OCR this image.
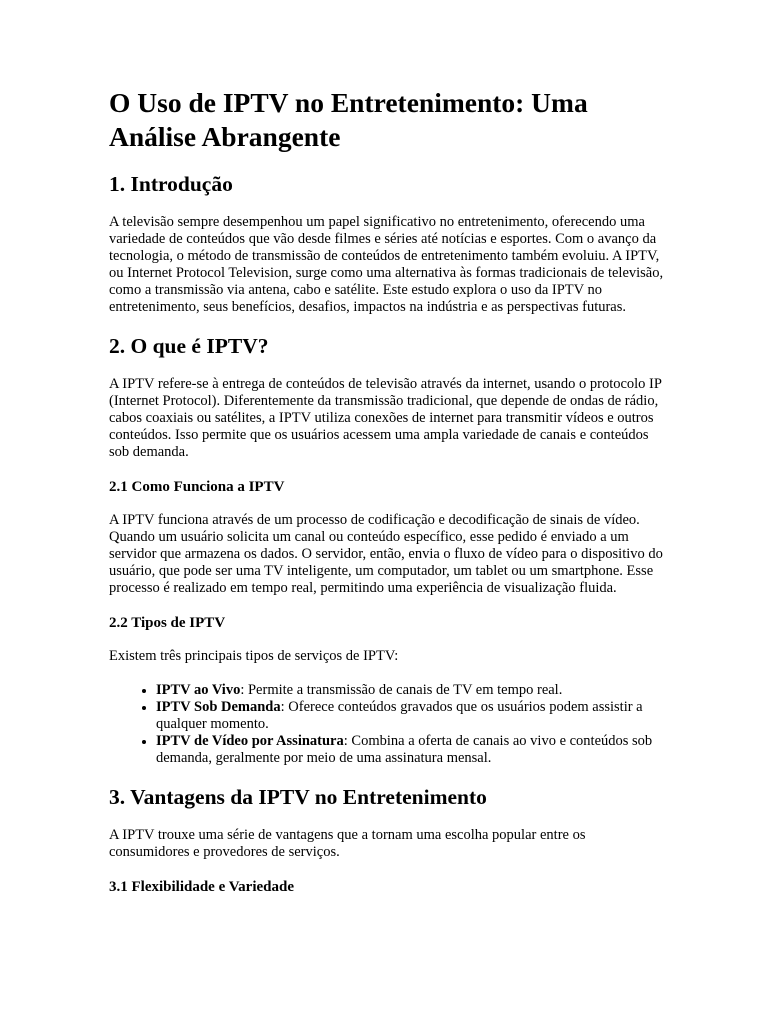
O Uso de IPTV no Entretenimento: Uma Análise Abrangente
1. Introdução

A televisão sempre desempenhou um papel significativo no entretenimento, oferecendo uma variedade de conteúdos que vão desde filmes e séries até notícias e esportes. Com o avanço da tecnologia, o método de transmissão de conteúdos de entretenimento também evoluiu. A IPTV, ou Internet Protocol Television, surge como uma alternativa às formas tradicionais de televisão, como a transmissão via antena, cabo e satélite. Este estudo explora o uso da IPTV no entretenimento, seus benefícios, desafios, impactos na indústria e as perspectivas futuras.

2. O que é IPTV?

A IPTV refere-se à entrega de conteúdos de televisão através da internet, usando o protocolo IP (Internet Protocol). Diferentemente da transmissão tradicional, que depende de ondas de rádio, cabos coaxiais ou satélites, a IPTV utiliza conexões de internet para transmitir vídeos e outros conteúdos. Isso permite que os usuários acessem uma ampla variedade de canais e conteúdos sob demanda.

2.1 Como Funciona a IPTV

A IPTV funciona através de um processo de codificação e decodificação de sinais de vídeo. Quando um usuário solicita um canal ou conteúdo específico, esse pedido é enviado a um servidor que armazena os dados. O servidor, então, envia o fluxo de vídeo para o dispositivo do usuário, que pode ser uma TV inteligente, um computador, um tablet ou um smartphone. Esse processo é realizado em tempo real, permitindo uma experiência de visualização fluida.

2.2 Tipos de IPTV

Existem três principais tipos de serviços de IPTV:

• IPTV ao Vivo: Permite a transmissão de canais de TV em tempo real.
• IPTV Sob Demanda: Oferece conteúdos gravados que os usuários podem assistir a qualquer momento.
• IPTV de Vídeo por Assinatura: Combina a oferta de canais ao vivo e conteúdos sob demanda, geralmente por meio de uma assinatura mensal.
3. Vantagens da IPTV no Entretenimento

A IPTV trouxe uma série de vantagens que a tornam uma escolha popular entre os consumidores e provedores de serviços.

3.1 Flexibilidade e Variedade
